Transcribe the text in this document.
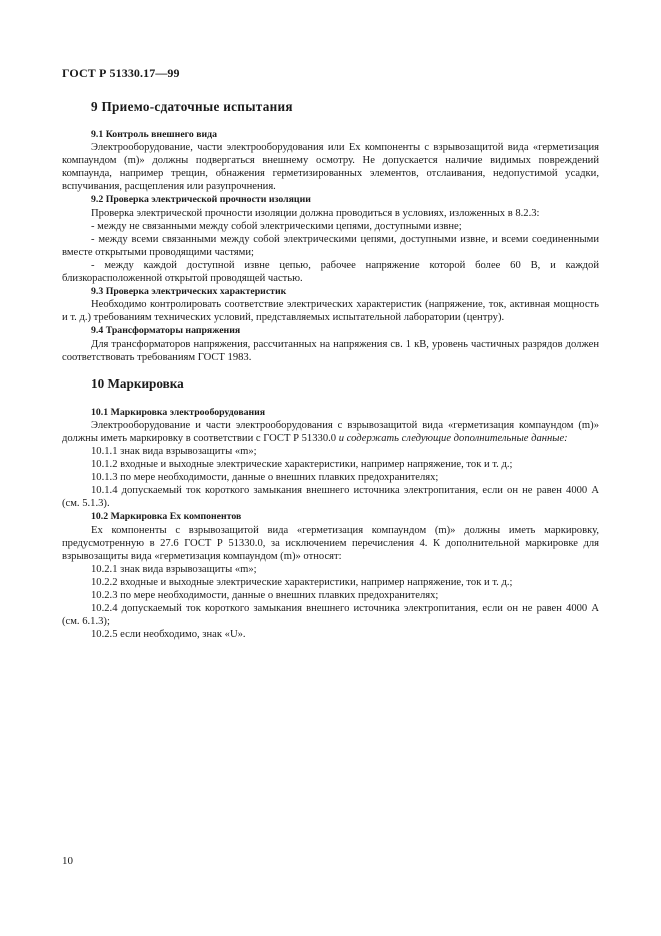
ГОСТ Р 51330.17—99
9 Приемо-сдаточные испытания
9.1 Контроль внешнего вида

Электрооборудование, части электрооборудования или Ex компоненты с взрывозащитой вида «герметизация компаундом (m)» должны подвергаться внешнему осмотру. Не допускается наличие видимых повреждений компаунда, например трещин, обнажения герметизированных элементов, отслаивания, недопустимой усадки, вспучивания, расщепления или разупрочнения.

9.2 Проверка электрической прочности изоляции

Проверка электрической прочности изоляции должна проводиться в условиях, изложенных в 8.2.3:

- между не связанными между собой электрическими цепями, доступными извне;

- между всеми связанными между собой электрическими цепями, доступными извне, и всеми соединенными вместе открытыми проводящими частями;

- между каждой доступной извне цепью, рабочее напряжение которой более 60 В, и каждой близкорасположенной открытой проводящей частью.

9.3 Проверка электрических характеристик

Необходимо контролировать соответствие электрических характеристик (напряжение, ток, активная мощность и т. д.) требованиям технических условий, представляемых испытательной лаборатории (центру).

9.4 Трансформаторы напряжения

Для трансформаторов напряжения, рассчитанных на напряжения св. 1 кВ, уровень частичных разрядов должен соответствовать требованиям ГОСТ 1983.

10 Маркировка
10.1 Маркировка электрооборудования

Электрооборудование и части электрооборудования с взрывозащитой вида «герметизация компаундом (m)» должны иметь маркировку в соответствии с ГОСТ Р 51330.0 и содержать следующие дополнительные данные:

10.1.1 знак вида взрывозащиты «m»;

10.1.2 входные и выходные электрические характеристики, например напряжение, ток и т. д.;

10.1.3 по мере необходимости, данные о внешних плавких предохранителях;

10.1.4 допускаемый ток короткого замыкания внешнего источника электропитания, если он не равен 4000 А (см. 5.1.3).

10.2 Маркировка Ex компонентов

Ex компоненты с взрывозащитой вида «герметизация компаундом (m)» должны иметь маркировку, предусмотренную в 27.6 ГОСТ Р 51330.0, за исключением перечисления 4. К дополнительной маркировке для взрывозащиты вида «герметизация компаундом (m)» относят:

10.2.1 знак вида взрывозащиты «m»;

10.2.2 входные и выходные электрические характеристики, например напряжение, ток и т. д.;

10.2.3 по мере необходимости, данные о внешних плавких предохранителях;

10.2.4 допускаемый ток короткого замыкания внешнего источника электропитания, если он не равен 4000 А (см. 6.1.3);

10.2.5 если необходимо, знак «U».

10
